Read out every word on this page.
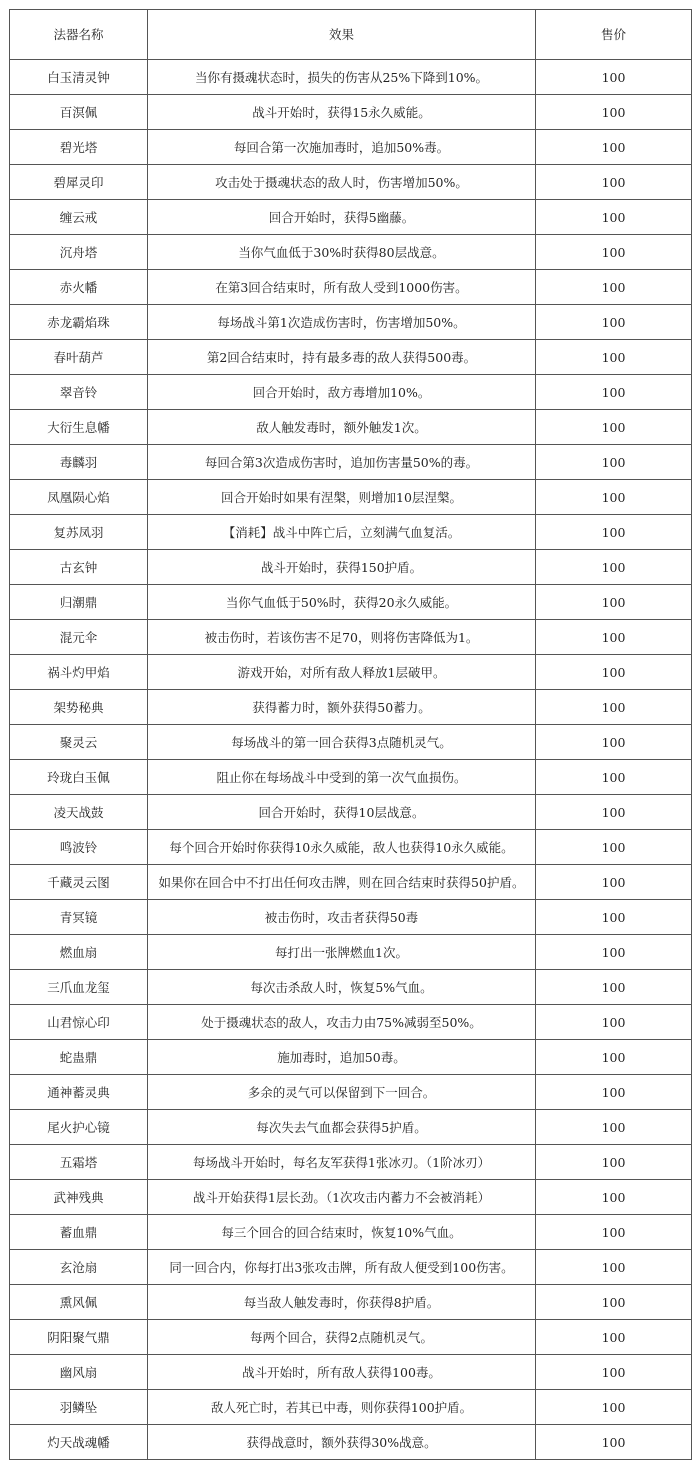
法器名称	效果	售价
白玉清灵钟	当你有摄魂状态时，损失的伤害从25%下降到10%。	100
百溟佩	战斗开始时，获得15永久威能。	100
碧光塔	每回合第一次施加毒时，追加50%毒。	100
碧犀灵印	攻击处于摄魂状态的敌人时，伤害增加50%。	100
缠云戒	回合开始时，获得5幽藤。	100
沉舟塔	当你气血低于30%时获得80层战意。	100
赤火幡	在第3回合结束时，所有敌人受到1000伤害。	100
赤龙霸焰珠	每场战斗第1次造成伤害时，伤害增加50%。	100
春叶葫芦	第2回合结束时，持有最多毒的敌人获得500毒。	100
翠音铃	回合开始时，敌方毒增加10%。	100
大衍生息幡	敌人触发毒时，额外触发1次。	100
毒麟羽	每回合第3次造成伤害时，追加伤害量50%的毒。	100
凤凰陨心焰	回合开始时如果有涅槃，则增加10层涅槃。	100
复苏凤羽	【消耗】战斗中阵亡后，立刻满气血复活。	100
古玄钟	战斗开始时，获得150护盾。	100
归潮鼎	当你气血低于50%时，获得20永久威能。	100
混元伞	被击伤时，若该伤害不足70，则将伤害降低为1。	100
祸斗灼甲焰	游戏开始，对所有敌人释放1层破甲。	100
架势秘典	获得蓄力时，额外获得50蓄力。	100
聚灵云	每场战斗的第一回合获得3点随机灵气。	100
玲珑白玉佩	阻止你在每场战斗中受到的第一次气血损伤。	100
凌天战鼓	回合开始时，获得10层战意。	100
鸣波铃	每个回合开始时你获得10永久威能，敌人也获得10永久威能。	100
千藏灵云图	如果你在回合中不打出任何攻击牌，则在回合结束时获得50护盾。	100
青冥镜	被击伤时，攻击者获得50毒	100
燃血扇	每打出一张牌燃血1次。	100
三爪血龙玺	每次击杀敌人时，恢复5%气血。	100
山君惊心印	处于摄魂状态的敌人，攻击力由75%减弱至50%。	100
蛇蛊鼎	施加毒时，追加50毒。	100
通神蓄灵典	多余的灵气可以保留到下一回合。	100
尾火护心镜	每次失去气血都会获得5护盾。	100
五霜塔	每场战斗开始时，每名友军获得1张冰刃。（1阶冰刃）	100
武神残典	战斗开始获得1层长劲。（1次攻击内蓄力不会被消耗）	100
蓄血鼎	每三个回合的回合结束时，恢复10%气血。	100
玄沧扇	同一回合内，你每打出3张攻击牌，所有敌人便受到100伤害。	100
熏风佩	每当敌人触发毒时，你获得8护盾。	100
阴阳聚气鼎	每两个回合，获得2点随机灵气。	100
幽风扇	战斗开始时，所有敌人获得100毒。	100
羽鳞坠	敌人死亡时，若其已中毒，则你获得100护盾。	100
灼天战魂幡	获得战意时，额外获得30%战意。	100
